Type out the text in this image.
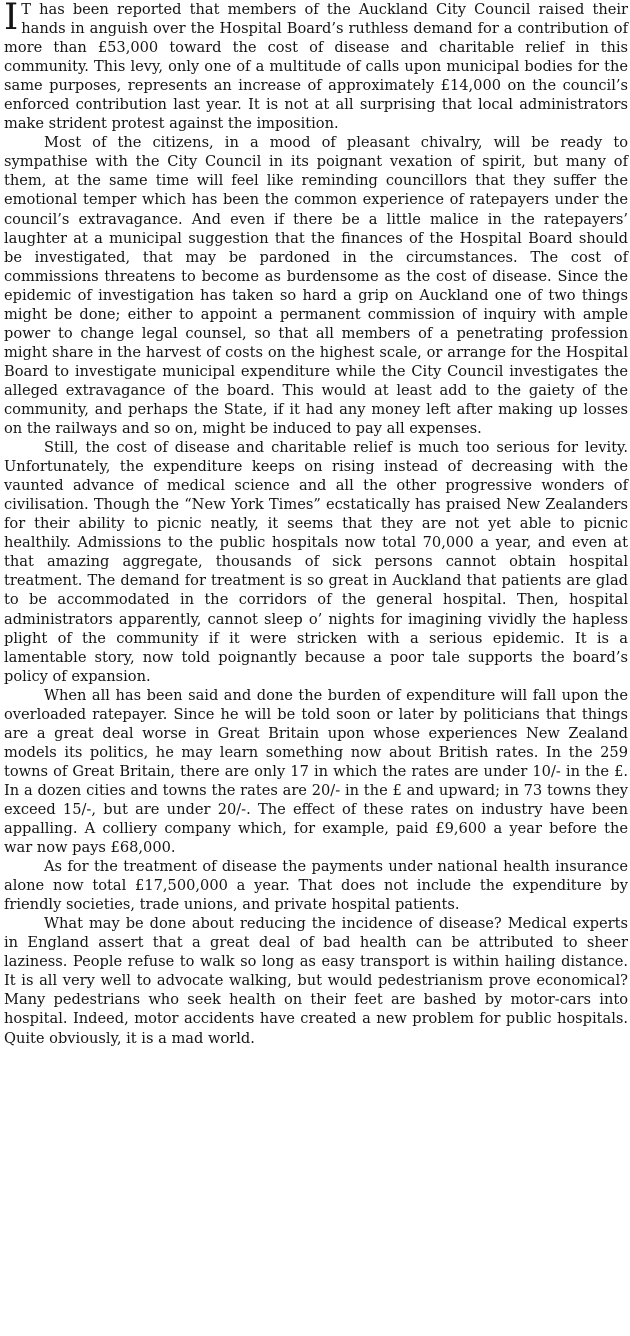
I T has been reported that members of the Auckland City Council raised their hands in anguish over the Hospital Board’s ruthless demand for a contribution of more than £53,000 toward the cost of disease and charitable relief in this community. This levy, only one of a multitude of calls upon municipal bodies for the same purposes, represents an increase of approximately £14,000 on the council’s enforced contribution last year. It is not at all surprising that local administrators make strident protest against the imposition.

Most of the citizens, in a mood of pleasant chivalry, will be ready to sympathise with the City Council in its poignant vexation of spirit, but many of them, at the same time will feel like reminding councillors that they suffer the emotional temper which has been the common experience of ratepayers under the council’s extravagance. And even if there be a little malice in the ratepayers’ laughter at a municipal suggestion that the finances of the Hospital Board should be investigated, that may be pardoned in the circumstances. The cost of commissions threatens to become as burdensome as the cost of disease. Since the epidemic of investigation has taken so hard a grip on Auckland one of two things might be done; either to appoint a permanent commission of inquiry with ample power to change legal counsel, so that all members of a penetrating profession might share in the harvest of costs on the highest scale, or arrange for the Hospital Board to investigate municipal expenditure while the City Council investigates the alleged extravagance of the board. This would at least add to the gaiety of the community, and perhaps the State, if it had any money left after making up losses on the railways and so on, might be induced to pay all expenses.

Still, the cost of disease and charitable relief is much too serious for levity. Unfortunately, the expenditure keeps on rising instead of decreasing with the vaunted advance of medical science and all the other progressive wonders of civilisation. Though the “New York Times” ecstatically has praised New Zealanders for their ability to picnic neatly, it seems that they are not yet able to picnic healthily. Admissions to the public hospitals now total 70,000 a year, and even at that amazing aggregate, thousands of sick persons cannot obtain hospital treatment. The demand for treatment is so great in Auckland that patients are glad to be accommodated in the corridors of the general hospital. Then, hospital administrators apparently, cannot sleep o’ nights for imagining vividly the hapless plight of the community if it were stricken with a serious epidemic. It is a lamentable story, now told poignantly because a poor tale supports the board’s policy of expansion.

When all has been said and done the burden of expenditure will fall upon the overloaded ratepayer. Since he will be told soon or later by politicians that things are a great deal worse in Great Britain upon whose experiences New Zealand models its politics, he may learn something now about British rates. In the 259 towns of Great Britain, there are only 17 in which the rates are under 10/- in the £. In a dozen cities and towns the rates are 20/- in the £ and upward; in 73 towns they exceed 15/-, but are under 20/-. The effect of these rates on industry have been appalling. A colliery company which, for example, paid £9,600 a year before the war now pays £68,000.

As for the treatment of disease the payments under national health insurance alone now total £17,500,000 a year. That does not include the expenditure by friendly societies, trade unions, and private hospital patients.

What may be done about reducing the incidence of disease? Medical experts in England assert that a great deal of bad health can be attributed to sheer laziness. People refuse to walk so long as easy transport is within hailing distance. It is all very well to advocate walking, but would pedestrianism prove economical? Many pedestrians who seek health on their feet are bashed by motor-cars into hospital. Indeed, motor accidents have created a new problem for public hospitals. Quite obviously, it is a mad world.
